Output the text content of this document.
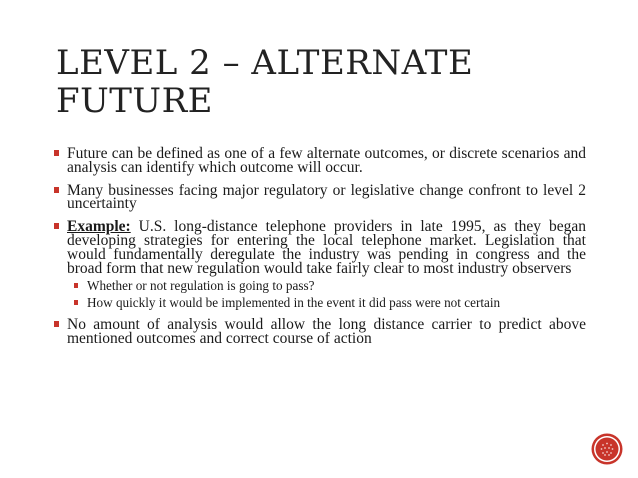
LEVEL 2 – ALTERNATE FUTURE
Future can be defined as one of a few alternate outcomes, or discrete scenarios and analysis can identify which outcome will occur.
Many businesses facing major regulatory or legislative change confront to level 2 uncertainty
Example: U.S. long-distance telephone providers in late 1995, as they began developing strategies for entering the local telephone market. Legislation that would fundamentally deregulate the industry was pending in congress and the broad form that new regulation would take fairly clear to most industry observers
Whether or not regulation is going to pass?
How quickly it would be implemented in the event it did pass were not certain
No amount of analysis would allow the long distance carrier to predict above mentioned outcomes and correct course of action
